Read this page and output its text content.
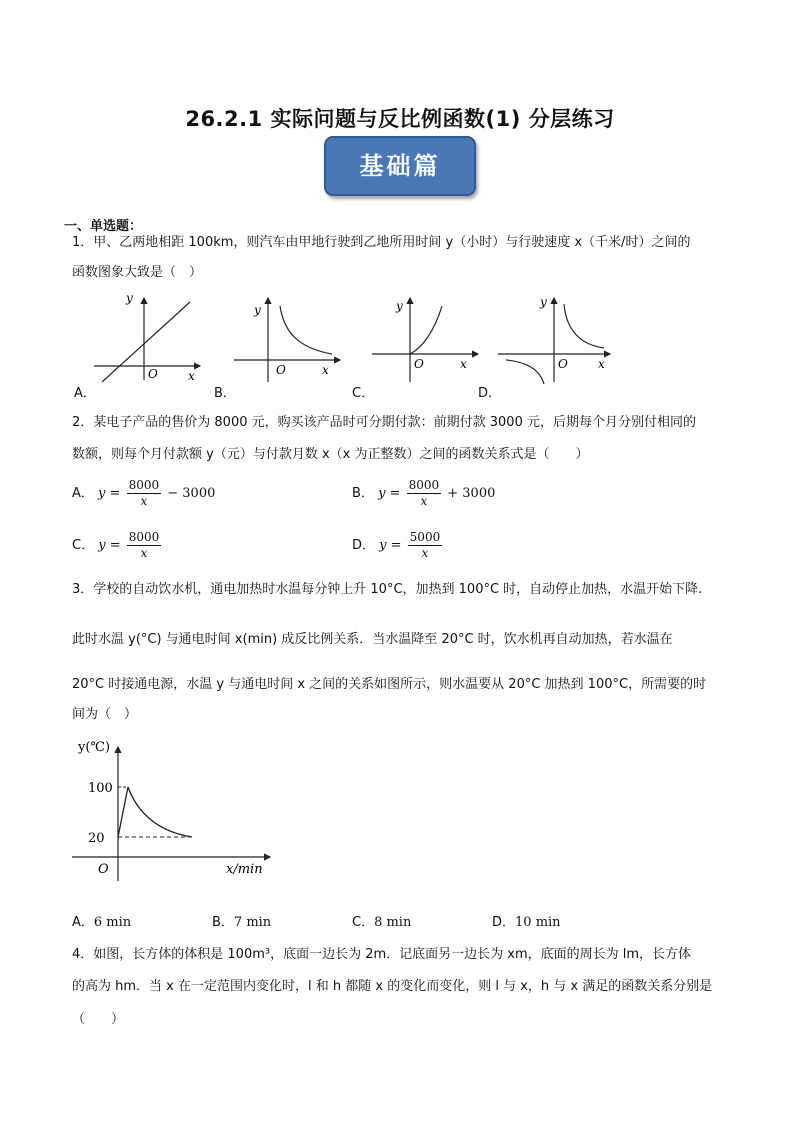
26.2.1 实际问题与反比例函数(1) 分层练习
基础篇
一、单选题：
1．甲、乙两地相距 100km，则汽车由甲地行驶到乙地所用时间 y（小时）与行驶速度 x（千米/时）之间的
函数图象大致是（　）
y
O	x
A．
y
O	x
B．
y
O	x
C．
y
O	x
D．
2．某电子产品的售价为 8000 元，购买该产品时可分期付款：前期付款 3000 元，后期每个月分别付相同的
数额，则每个月付款额 y（元）与付款月数 x（x 为正整数）之间的函数关系式是（　　）
A． $y = \frac{8000}{x} - 3000$	B． $y = \frac{8000}{x} + 3000$
C． $y = \frac{8000}{x}$	D． $y = \frac{5000}{x}$
3．学校的自动饮水机，通电加热时水温每分钟上升 10°C，加热到 100°C 时，自动停止加热，水温开始下降.
此时水温 y(°C) 与通电时间 x(min) 成反比例关系．当水温降至 20°C 时，饮水机再自动加热，若水温在
20°C 时接通电源，水温 y 与通电时间 x 之间的关系如图所示，则水温要从 20°C 加热到 100°C，所需要的时
间为（　）
y(℃)
100
20
O	x/min
A．6 min	B．7 min	C．8 min	D．10 min
4．如图，长方体的体积是 100m³，底面一边长为 2m．记底面另一边长为 xm，底面的周长为 lm，长方体
的高为 hm．当 x 在一定范围内变化时，l 和 h 都随 x 的变化而变化，则 l 与 x，h 与 x 满足的函数关系分别是
（　　）
